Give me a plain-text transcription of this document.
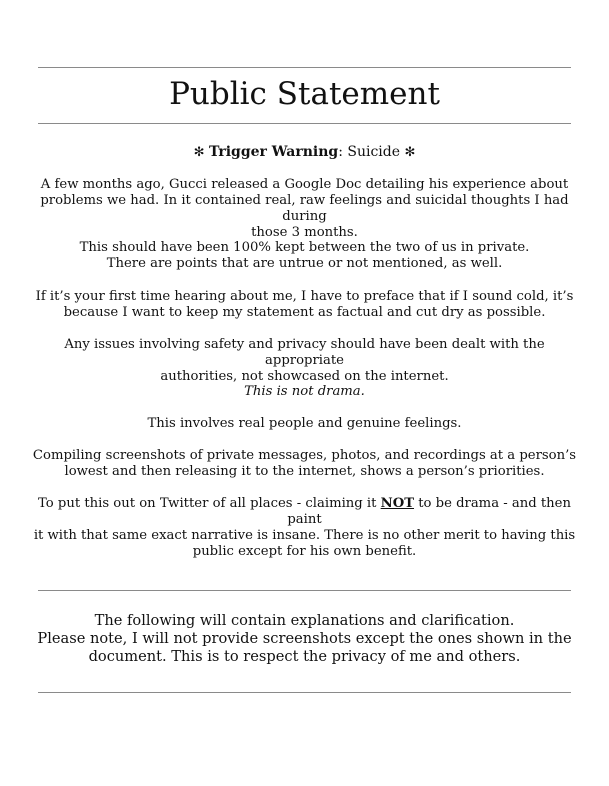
Public Statement
✻ Trigger Warning: Suicide ✻

A few months ago, Gucci released a Google Doc detailing his experience about

problems we had. In it contained real, raw feelings and suicidal thoughts I had during

those 3 months.

This should have been 100% kept between the two of us in private.

There are points that are untrue or not mentioned, as well.

If it’s your first time hearing about me, I have to preface that if I sound cold, it’s

because I want to keep my statement as factual and cut dry as possible.

Any issues involving safety and privacy should have been dealt with the appropriate

authorities, not showcased on the internet.

This is not drama.

This involves real people and genuine feelings.

Compiling screenshots of private messages, photos, and recordings at a person’s

lowest and then releasing it to the internet, shows a person’s priorities.

To put this out on Twitter of all places - claiming it NOT to be drama - and then paint

it with that same exact narrative is insane. There is no other merit to having this

public except for his own benefit.

The following will contain explanations and clarification.

Please note, I will not provide screenshots except the ones shown in the

document. This is to respect the privacy of me and others.
